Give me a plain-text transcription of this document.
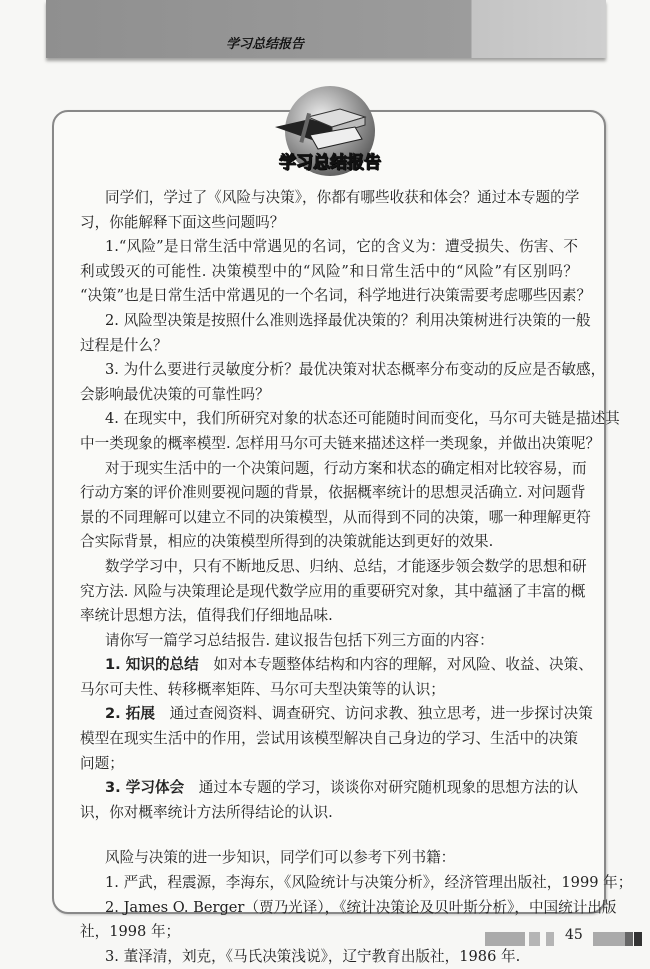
学习总结报告
学习总结报告
同学们，学过了《风险与决策》，你都有哪些收获和体会？通过本专题的学
习，你能解释下面这些问题吗？
1.“风险”是日常生活中常遇见的名词，它的含义为：遭受损失、伤害、不
利或毁灭的可能性. 决策模型中的“风险”和日常生活中的“风险”有区别吗？
“决策”也是日常生活中常遇见的一个名词，科学地进行决策需要考虑哪些因素？
2. 风险型决策是按照什么准则选择最优决策的？利用决策树进行决策的一般
过程是什么？
3. 为什么要进行灵敏度分析？最优决策对状态概率分布变动的反应是否敏感，
会影响最优决策的可靠性吗？
4. 在现实中，我们所研究对象的状态还可能随时间而变化，马尔可夫链是描述其
中一类现象的概率模型. 怎样用马尔可夫链来描述这样一类现象，并做出决策呢？
对于现实生活中的一个决策问题，行动方案和状态的确定相对比较容易，而
行动方案的评价准则要视问题的背景，依据概率统计的思想灵活确立. 对问题背
景的不同理解可以建立不同的决策模型，从而得到不同的决策，哪一种理解更符
合实际背景，相应的决策模型所得到的决策就能达到更好的效果.
数学学习中，只有不断地反思、归纳、总结，才能逐步领会数学的思想和研
究方法. 风险与决策理论是现代数学应用的重要研究对象，其中蕴涵了丰富的概
率统计思想方法，值得我们仔细地品味.
请你写一篇学习总结报告. 建议报告包括下列三方面的内容：
1. 知识的总结　如对本专题整体结构和内容的理解，对风险、收益、决策、
马尔可夫性、转移概率矩阵、马尔可夫型决策等的认识；
2. 拓展　通过查阅资料、调查研究、访问求教、独立思考，进一步探讨决策
模型在现实生活中的作用，尝试用该模型解决自己身边的学习、生活中的决策
问题；
3. 学习体会　通过本专题的学习，谈谈你对研究随机现象的思想方法的认
识，你对概率统计方法所得结论的认识.
风险与决策的进一步知识，同学们可以参考下列书籍：
1. 严武，程震源，李海东，《风险统计与决策分析》，经济管理出版社，1999 年；
2. James O. Berger（贾乃光译），《统计决策论及贝叶斯分析》，中国统计出版
社，1998 年；
3. 董泽清，刘克，《马氏决策浅说》，辽宁教育出版社，1986 年.
45
